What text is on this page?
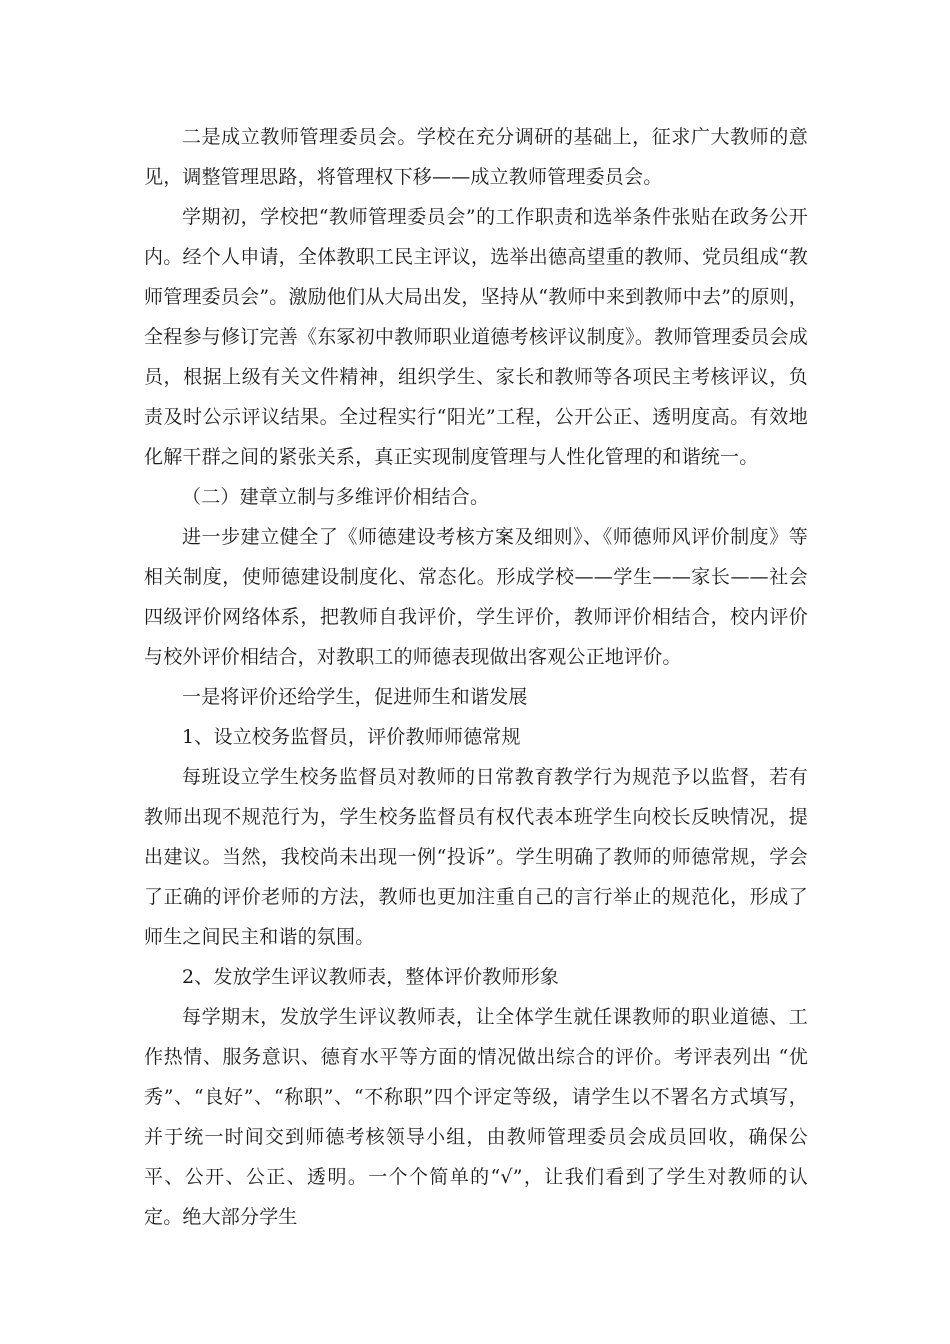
二是成立教师管理委员会。学校在充分调研的基础上，征求广大教师的意见，调整管理思路，将管理权下移——成立教师管理委员会。

学期初，学校把“教师管理委员会”的工作职责和选举条件张贴在政务公开内。经个人申请，全体教职工民主评议，选举出德高望重的教师、党员组成“教师管理委员会”。激励他们从大局出发，坚持从“教师中来到教师中去”的原则，全程参与修订完善《东冢初中教师职业道德考核评议制度》。教师管理委员会成员，根据上级有关文件精神，组织学生、家长和教师等各项民主考核评议，负责及时公示评议结果。全过程实行“阳光”工程，公开公正、透明度高。有效地化解干群之间的紧张关系，真正实现制度管理与人性化管理的和谐统一。

（二）建章立制与多维评价相结合。

进一步建立健全了《师德建设考核方案及细则》、《师德师风评价制度》等相关制度，使师德建设制度化、常态化。形成学校——学生——家长——社会四级评价网络体系，把教师自我评价，学生评价，教师评价相结合，校内评价与校外评价相结合，对教职工的师德表现做出客观公正地评价。

一是将评价还给学生，促进师生和谐发展

1、设立校务监督员，评价教师师德常规

每班设立学生校务监督员对教师的日常教育教学行为规范予以监督，若有教师出现不规范行为，学生校务监督员有权代表本班学生向校长反映情况，提出建议。当然，我校尚未出现一例“投诉”。学生明确了教师的师德常规，学会了正确的评价老师的方法，教师也更加注重自己的言行举止的规范化，形成了师生之间民主和谐的氛围。

2、发放学生评议教师表，整体评价教师形象

每学期末，发放学生评议教师表，让全体学生就任课教师的职业道德、工作热情、服务意识、德育水平等方面的情况做出综合的评价。考评表列出 “优秀”、“良好”、“称职”、“不称职”四个评定等级，请学生以不署名方式填写，并于统一时间交到师德考核领导小组，由教师管理委员会成员回收，确保公平、公开、公正、透明。一个个简单的“√”，让我们看到了学生对教师的认定。绝大部分学生
